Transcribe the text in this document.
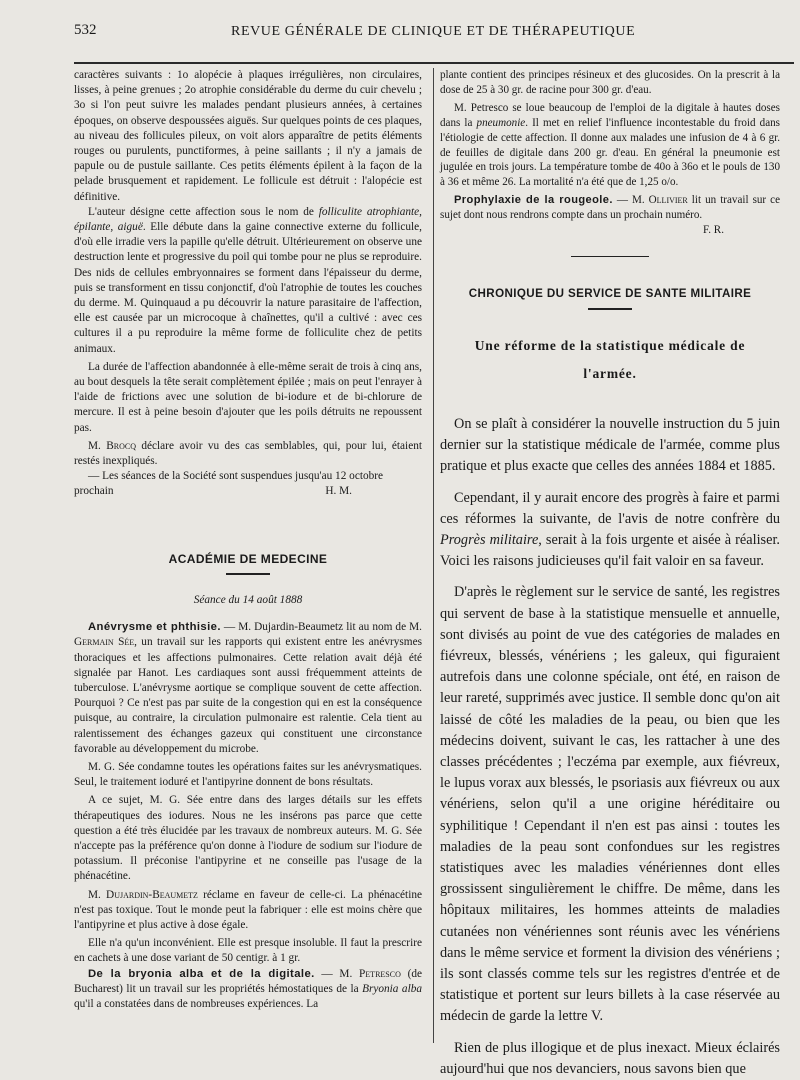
532	REVUE GÉNÉRALE DE CLINIQUE ET DE THÉRAPEUTIQUE

caractères suivants : 1o alopécie à plaques irrégulières, non circulaires, lisses, à peine grenues ; 2o atrophie considérable du derme du cuir chevelu ; 3o si l'on peut suivre les malades pendant plusieurs années, à certaines époques, on observe despoussées aiguës. Sur quelques points de ces plaques, au niveau des follicules pileux, on voit alors apparaître de petits éléments rouges ou purulents, punctiformes, à peine saillants ; il n'y a jamais de papule ou de pustule saillante. Ces petits éléments épilent à la façon de la pelade brusquement et rapidement. Le follicule est détruit : l'alopécie est définitive.

L'auteur désigne cette affection sous le nom de folliculite atrophiante, épilante, aiguë. Elle débute dans la gaine connective externe du follicule, d'où elle irradie vers la papille qu'elle détruit. Ultérieurement on observe une destruction lente et progressive du poil qui tombe pour ne plus se reproduire. Des nids de cellules embryonnaires se forment dans l'épaisseur du derme, puis se transforment en tissu conjonctif, d'où l'atrophie de toutes les couches du derme. M. Quinquaud a pu découvrir la nature parasitaire de l'affection, elle est causée par un microcoque à chaînettes, qu'il a cultivé : avec ces cultures il a pu reproduire la même forme de folliculite chez de petits animaux.

La durée de l'affection abandonnée à elle-même serait de trois à cinq ans, au bout desquels la tête serait complètement épilée ; mais on peut l'enrayer à l'aide de frictions avec une solution de bi-iodure et de bi-chlorure de mercure. Il est à peine besoin d'ajouter que les poils détruits ne repoussent pas.

M. Brocq déclare avoir vu des cas semblables, qui, pour lui, étaient restés inexpliqués.

— Les séances de la Société sont suspendues jusqu'au 12 octobre

prochain	H. M.
ACADÉMIE DE MEDECINE

Séance du 14 août 1888

Anévrysme et phthisie. — M. Dujardin-Beaumetz lit au nom de M. Germain Sée, un travail sur les rapports qui existent entre les anévrysmes thoraciques et les affections pulmonaires. Cette relation avait déjà été signalée par Hanot. Les cardiaques sont aussi fréquemment atteints de tuberculose. L'anévrysme aortique se complique souvent de cette affection. Pourquoi ? Ce n'est pas par suite de la congestion qui en est la conséquence puisque, au contraire, la circulation pulmonaire est ralentie. Cela tient au ralentissement des échanges gazeux qui constituent une circonstance favorable au développement du microbe.

M. G. Sée condamne toutes les opérations faites sur les anévrysmatiques. Seul, le traitement ioduré et l'antipyrine donnent de bons résultats.

A ce sujet, M. G. Sée entre dans des larges détails sur les effets thérapeutiques des iodures. Nous ne les insérons pas parce que cette question a été très élucidée par les travaux de nombreux auteurs. M. G. Sée n'accepte pas la préférence qu'on donne à l'iodure de sodium sur l'iodure de potassium. Il préconise l'antipyrine et ne conseille pas l'usage de la phénacétine.

M. Dujardin-Beaumetz réclame en faveur de celle-ci. La phénacétine n'est pas toxique. Tout le monde peut la fabriquer : elle est moins chère que l'antipyrine et plus active à dose égale.

Elle n'a qu'un inconvénient. Elle est presque insoluble. Il faut la prescrire en cachets à une dose variant de 50 centigr. à 1 gr.

De la bryonia alba et de la digitale. — M. Petresco (de Bucharest) lit un travail sur les propriétés hémostatiques de la Bryonia alba qu'il a constatées dans de nombreuses expériences. La

plante contient des principes résineux et des glucosides. On la prescrit à la dose de 25 à 30 gr. de racine pour 300 gr. d'eau.

M. Petresco se loue beaucoup de l'emploi de la digitale à hautes doses dans la pneumonie. Il met en relief l'influence incontestable du froid dans l'étiologie de cette affection. Il donne aux malades une infusion de 4 à 6 gr. de feuilles de digitale dans 200 gr. d'eau. En général la pneumonie est jugulée en trois jours. La température tombe de 40o à 36o et le pouls de 130 à 36 et même 26. La mortalité n'a été que de 1,25 o/o.

Prophylaxie de la rougeole. — M. Ollivier lit un travail sur ce sujet dont nous rendrons compte dans un prochain numéro.

F. R.

CHRONIQUE DU SERVICE DE SANTE MILITAIRE
Une réforme de la statistique médicale de
l'armée.

On se plaît à considérer la nouvelle instruction du 5 juin dernier sur la statistique médicale de l'armée, comme plus pratique et plus exacte que celles des années 1884 et 1885.

Cependant, il y aurait encore des progrès à faire et parmi ces réformes la suivante, de l'avis de notre confrère du Progrès militaire, serait à la fois urgente et aisée à réaliser. Voici les raisons judicieuses qu'il fait valoir en sa faveur.

D'après le règlement sur le service de santé, les registres qui servent de base à la statistique mensuelle et annuelle, sont divisés au point de vue des catégories de malades en fiévreux, blessés, vénériens ; les galeux, qui figuraient autrefois dans une colonne spéciale, ont été, en raison de leur rareté, supprimés avec justice. Il semble donc qu'on ait laissé de côté les maladies de la peau, ou bien que les médecins doivent, suivant le cas, les rattacher à une des classes précédentes ; l'eczéma par exemple, aux fiévreux, le lupus vorax aux blessés, le psoriasis aux fiévreux ou aux vénériens, selon qu'il a une origine héréditaire ou syphilitique ! Cependant il n'en est pas ainsi : toutes les maladies de la peau sont confondues sur les registres statistiques avec les maladies vénériennes dont elles grossissent singulièrement le chiffre. De même, dans les hôpitaux militaires, les hommes atteints de maladies cutanées non vénériennes sont réunis avec les vénériens dans le même service et forment la division des vénériens ; ils sont classés comme tels sur les registres d'entrée et de statistique et portent sur leurs billets à la case réservée au médecin de garde la lettre V.

Rien de plus illogique et de plus inexact. Mieux éclairés aujourd'hui que nos devanciers, nous savons bien que
